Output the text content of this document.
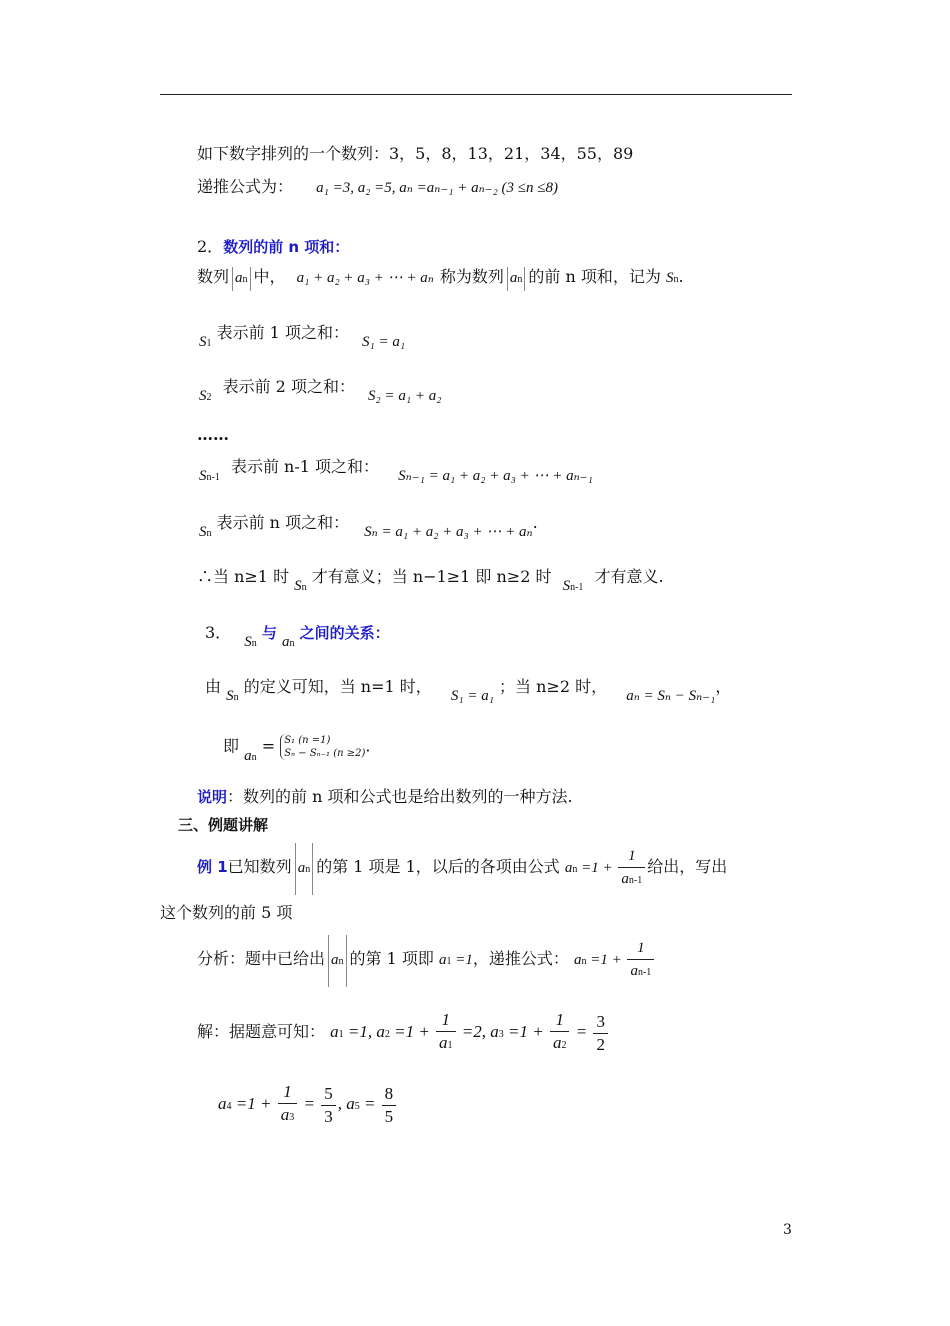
如下数字排列的一个数列：3，5，8，13，21，34，55，89
递推公式为： a₁ =3, a₂ =5, aₙ =aₙ₋₁ + aₙ₋₂ (3 ≤n ≤8)
2．数列的前 n 项和：
数列 an 中， a₁ + a₂ + a₃ + ⋯ + aₙ 称为数列 an 的前 n 项和，记为 Sn.
S1 表示前 1 项之和： S₁ = a₁
S2 表示前 2 项之和： S₂ = a₁ + a₂
……
Sn-1 表示前 n-1 项之和： Sₙ₋₁ = a₁ + a₂ + a₃ + ⋯ + aₙ₋₁
Sn 表示前 n 项之和： Sₙ = a₁ + a₂ + a₃ + ⋯ + aₙ.
∴当 n≥1 时 Sn 才有意义；当 n−1≥1 即 n≥2 时 Sn-1 才有意义.
3． Sn 与 an 之间的关系：
由 Sn 的定义可知，当 n=1 时， S₁ = a₁ ；当 n≥2 时， aₙ = Sₙ − Sₙ₋₁，
即 an = S₁ (n =1)
Sₙ − Sₙ₋₁ (n ≥2) .
说明：数列的前 n 项和公式也是给出数列的一种方法.
三、例题讲解
例 1已知数列 an 的第 1 项是 1，以后的各项由公式 an $=1 + \frac{1}{an-1}$ 给出，写出
这个数列的前 5 项
分析：题中已给出 an 的第 1 项即 a1 =1，递推公式： an $=1 + \frac{1}{an-1}$
解：据题意可知： a1 =1, $a2 =1 + \frac{1}{a1} =2$, $a3 =1 + \frac{1}{a2} = \frac{3}{2}$
$a4 =1 + \frac{1}{a3} = \frac{5}{3}$ , $a5 = \frac{8}{5}$
3
